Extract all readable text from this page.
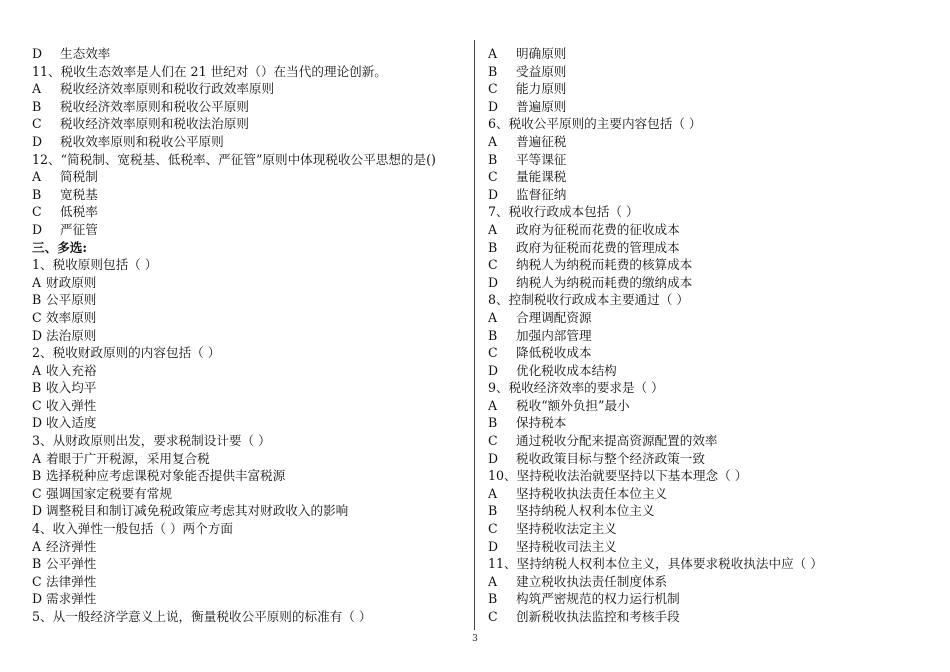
D 生态效率
11、税收生态效率是人们在 21 世纪对（）在当代的理论创新。
A 税收经济效率原则和税收行政效率原则
B 税收经济效率原则和税收公平原则
C 税收经济效率原则和税收法治原则
D 税收效率原则和税收公平原则
12、“简税制、宽税基、低税率、严征管”原则中体现税收公平思想的是()
A 简税制
B 宽税基
C 低税率
D 严征管
三、多选:
1、税收原则包括（ ）
A 财政原则
B 公平原则
C 效率原则
D 法治原则
2、税收财政原则的内容包括（ ）
A 收入充裕
B 收入均平
C 收入弹性
D 收入适度
3、从财政原则出发，要求税制设计要（ ）
A 着眼于广开税源，采用复合税
B 选择税种应考虑课税对象能否提供丰富税源
C 强调国家定税要有常规
D 调整税目和制订减免税政策应考虑其对财政收入的影响
4、收入弹性一般包括（ ）两个方面
A 经济弹性
B 公平弹性
C 法律弹性
D 需求弹性
5、从一般经济学意义上说，衡量税收公平原则的标准有（ ）
A 明确原则
B 受益原则
C 能力原则
D 普遍原则
6、税收公平原则的主要内容包括（ ）
A 普遍征税
B 平等课征
C 量能课税
D 监督征纳
7、税收行政成本包括（ ）
A 政府为征税而花费的征收成本
B 政府为征税而花费的管理成本
C 纳税人为纳税而耗费的核算成本
D 纳税人为纳税而耗费的缴纳成本
8、控制税收行政成本主要通过（ ）
A 合理调配资源
B 加强内部管理
C 降低税收成本
D 优化税收成本结构
9、税收经济效率的要求是（ ）
A 税收“额外负担”最小
B 保持税本
C 通过税收分配来提高资源配置的效率
D 税收政策目标与整个经济政策一致
10、坚持税收法治就要坚持以下基本理念（ ）
A 坚持税收执法责任本位主义
B 坚持纳税人权利本位主义
C 坚持税收法定主义
D 坚持税收司法主义
11、坚持纳税人权利本位主义，具体要求税收执法中应（ ）
A 建立税收执法责任制度体系
B 构筑严密规范的权力运行机制
C 创新税收执法监控和考核手段
3
